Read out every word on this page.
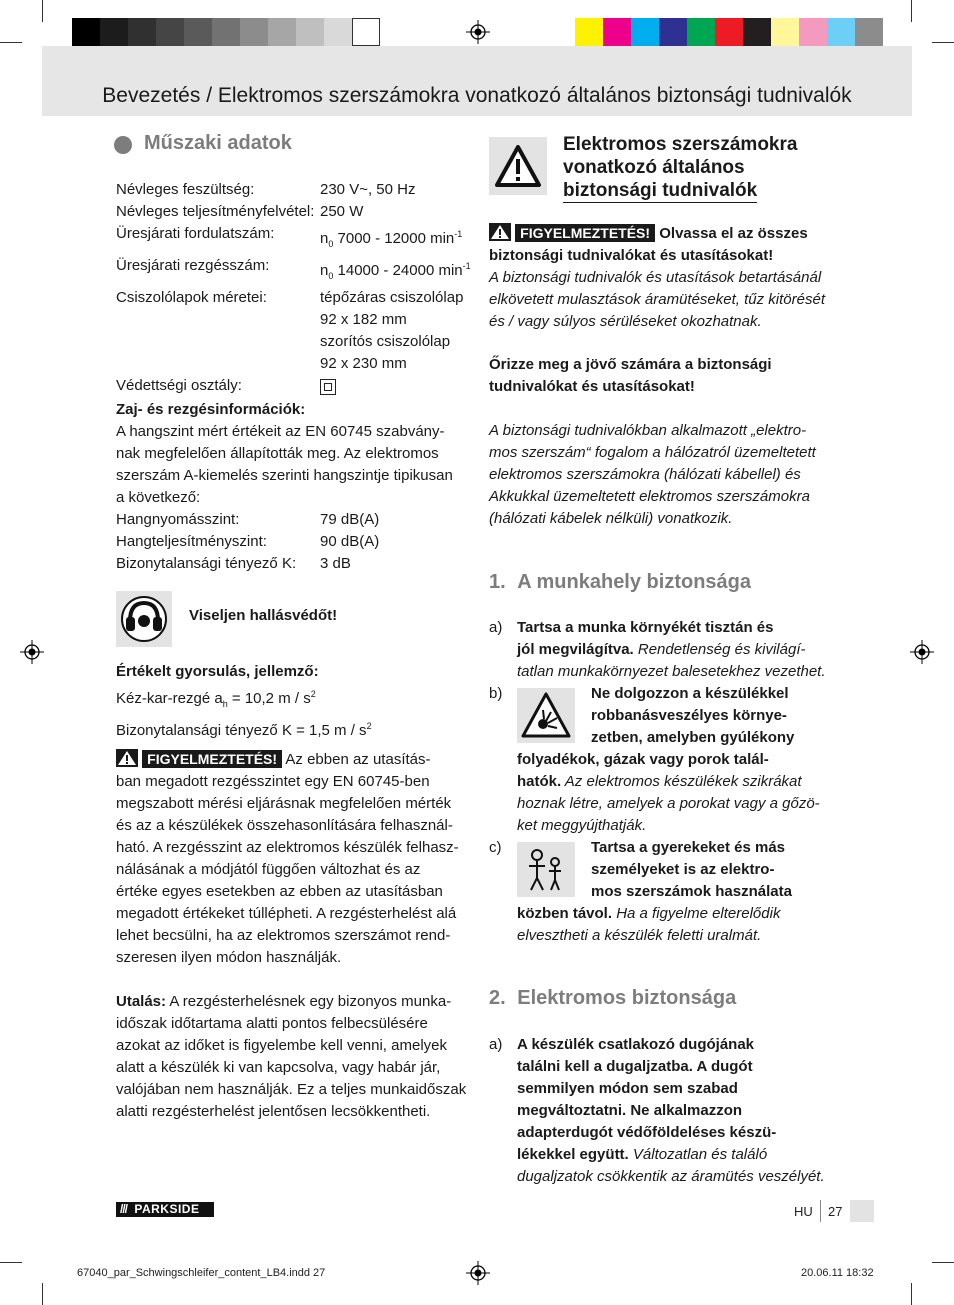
Bevezetés / Elektromos szerszámokra vonatkozó általános biztonsági tudnivalók
Műszaki adatok
Névleges feszültség:	230 V~, 50 Hz
Névleges teljesítményfelvétel: 250 W
Üresjárati fordulatszám:	$n_0$ 7000 - 12000 $\min^{-1}$
Üresjárati rezgésszám:	$n_0$ 14000 - 24000 $\min^{-1}$
Csiszolólapok méretei:	tépőzáras csiszolólap
92 x 182 mm
szorítós csiszolólap
92 x 230 mm
Védettségi osztály:
Zaj- és rezgésinformációk:
A hangszint mért értékeit az EN 60745 szabvány-
nak megfelelően állapították meg. Az elektromos
szerszám A-kiemelés szerinti hangszintje tipikusan
a következő:
Hangnyomásszint:	79 dB(A)
Hangteljesítményszint:	90 dB(A)
Bizonytalansági tényező K:	3 dB
Viseljen hallásvédőt!
Értékelt gyorsulás, jellemző:
Kéz-kar-rezgé $a_h = 10,2$ m / $s^2$
Bizonytalansági tényező K = 1,5 m / $s^2$
FIGYELMEZTETÉS! Az ebben az utasítás-
ban megadott rezgésszintet egy EN 60745-ben
megszabott mérési eljárásnak megfelelően mérték
és az a készülékek összehasonlítására felhasznál-
ható. A rezgésszint az elektromos készülék felhasz-
nálásának a módjától függően változhat és az
értéke egyes esetekben az ebben az utasításban
megadott értékeket túllépheti. A rezgésterhelést alá
lehet becsülni, ha az elektromos szerszámot rend-
szeresen ilyen módon használják.
Utalás: A rezgésterhelésnek egy bizonyos munka-
időszak időtartama alatti pontos felbecsülésére
azokat az időket is figyelembe kell venni, amelyek
alatt a készülék ki van kapcsolva, vagy habár jár,
valójában nem használják. Ez a teljes munkaidőszak
alatti rezgésterhelést jelentősen lecsökkentheti.
Elektromos szerszámokra
vonatkozó általános
biztonsági tudnivalók
FIGYELMEZTETÉS! Olvassa el az összes
biztonsági tudnivalókat és utasításokat!
A biztonsági tudnivalók és utasítások betartásánál
elkövetett mulasztások áramütéseket, tűz kitörését
és / vagy súlyos sérüléseket okozhatnak.
Őrizze meg a jövő számára a biztonsági
tudnivalókat és utasításokat!
A biztonsági tudnivalókban alkalmazott „elektro-
mos szerszám“ fogalom a hálózatról üzemeltetett
elektromos szerszámokra (hálózati kábellel) és
Akkukkal üzemeltetett elektromos szerszámokra
(hálózati kábelek nélküli) vonatkozik.
1. A munkahely biztonsága
a) Tartsa a munka környékét tisztán és
jól megvilágítva. Rendetlenség és kivilágí-
tatlan munkakörnyezet balesetekhez vezethet.
b)	Ne dolgozzon a készülékkel
robbanásveszélyes környe-
zetben, amelyben gyúlékony
folyadékok, gázak vagy porok talál-
hatók. Az elektromos készülékek szikrákat
hoznak létre, amelyek a porokat vagy a gőzö-
ket meggyújthatják.
c)	Tartsa a gyerekeket és más
személyeket is az elektro-
mos szerszámok használata
közben távol. Ha a figyelme elterelődik
elvesztheti a készülék feletti uralmát.
2. Elektromos biztonsága
a) A készülék csatlakozó dugójának
találni kell a dugaljzatba. A dugót
semmilyen módon sem szabad
megváltoztatni. Ne alkalmazzon
adapterdugót védőföldeléses készü-
lékekkel együtt. Változatlan és találó
dugaljzatok csökkentik az áramütés veszélyét.
/// PARKSIDE	HU 27
67040_par_Schwingschleifer_content_LB4.indd 27	20.06.11 18:32
